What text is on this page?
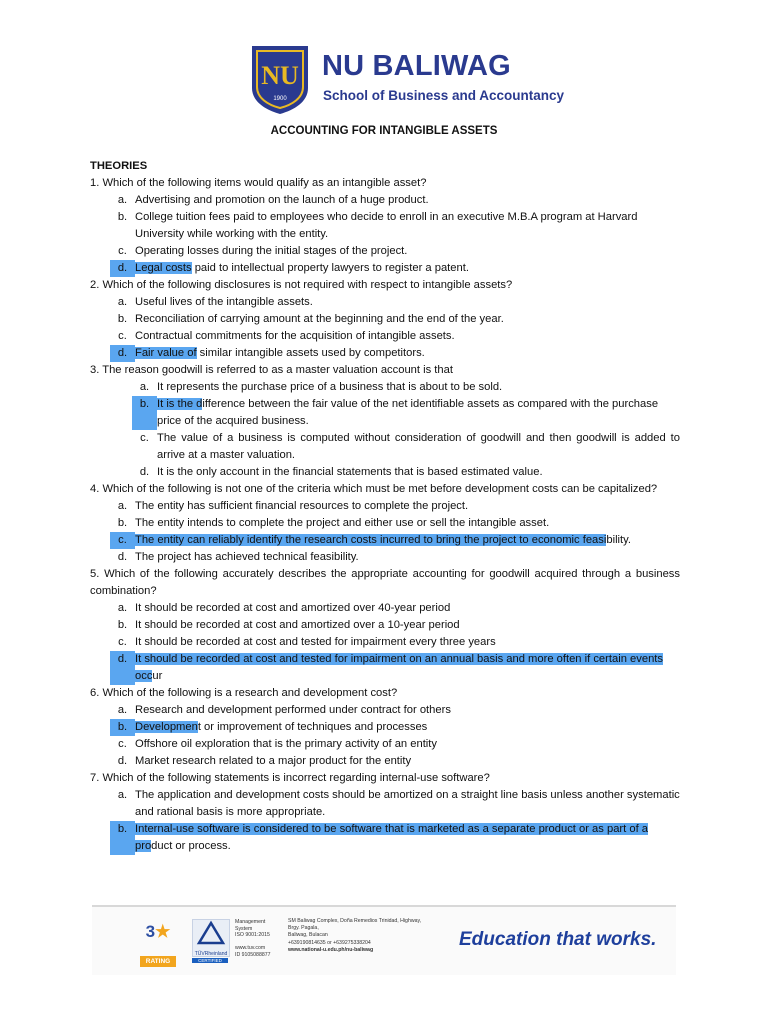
NU
1900
NU BALIWAG
School of Business and Accountancy
ACCOUNTING FOR INTANGIBLE ASSETS
THEORIES

1. Which of the following items would qualify as an intangible asset?

a. Advertising and promotion on the launch of a huge product.
b. College tuition fees paid to employees who decide to enroll in an executive M.B.A program at Harvard University while working with the entity.
c. Operating losses during the initial stages of the project.
d. Legal costs paid to intellectual property lawyers to register a patent.

2. Which of the following disclosures is not required with respect to intangible assets?

a. Useful lives of the intangible assets.
b. Reconciliation of carrying amount at the beginning and the end of the year.
c. Contractual commitments for the acquisition of intangible assets.
d. Fair value of similar intangible assets used by competitors.

3. The reason goodwill is referred to as a master valuation account is that

a. It represents the purchase price of a business that is about to be sold.
b. It is the difference between the fair value of the net identifiable assets as compared with the purchase price of the acquired business.
c. The value of a business is computed without consideration of goodwill and then goodwill is added to arrive at a master valuation.
d. It is the only account in the financial statements that is based estimated value.

4. Which of the following is not one of the criteria which must be met before development costs can be capitalized?

a. The entity has sufficient financial resources to complete the project.
b. The entity intends to complete the project and either use or sell the intangible asset.
c. The entity can reliably identify the research costs incurred to bring the project to economic feasibility.
d. The project has achieved technical feasibility.

5. Which of the following accurately describes the appropriate accounting for goodwill acquired through a business combination?

a. It should be recorded at cost and amortized over 40-year period
b. It should be recorded at cost and amortized over a 10-year period
c. It should be recorded at cost and tested for impairment every three years
d. It should be recorded at cost and tested for impairment on an annual basis and more often if certain events occur

6. Which of the following is a research and development cost?

a. Research and development performed under contract for others
b. Development or improvement of techniques and processes
c. Offshore oil exploration that is the primary activity of an entity
d. Market research related to a major product for the entity

7. Which of the following statements is incorrect regarding internal-use software?

a. The application and development costs should be amortized on a straight line basis unless another systematic and rational basis is more appropriate.
b. Internal-use software is considered to be software that is marketed as a separate product or as part of a product or process.
3★
RATING
TÜVRheinland
CERTIFIED
Management
System
ISO 9001:2015

www.tuv.com
ID 9105088877
SM Baliwag Complex, Doña Remedios Trinidad, Highway,
Brgy. Pagala,
Baliwag, Bulacan
+639190814635 or +639275338204
www.national-u.edu.ph/nu-baliwag	Education that works.
